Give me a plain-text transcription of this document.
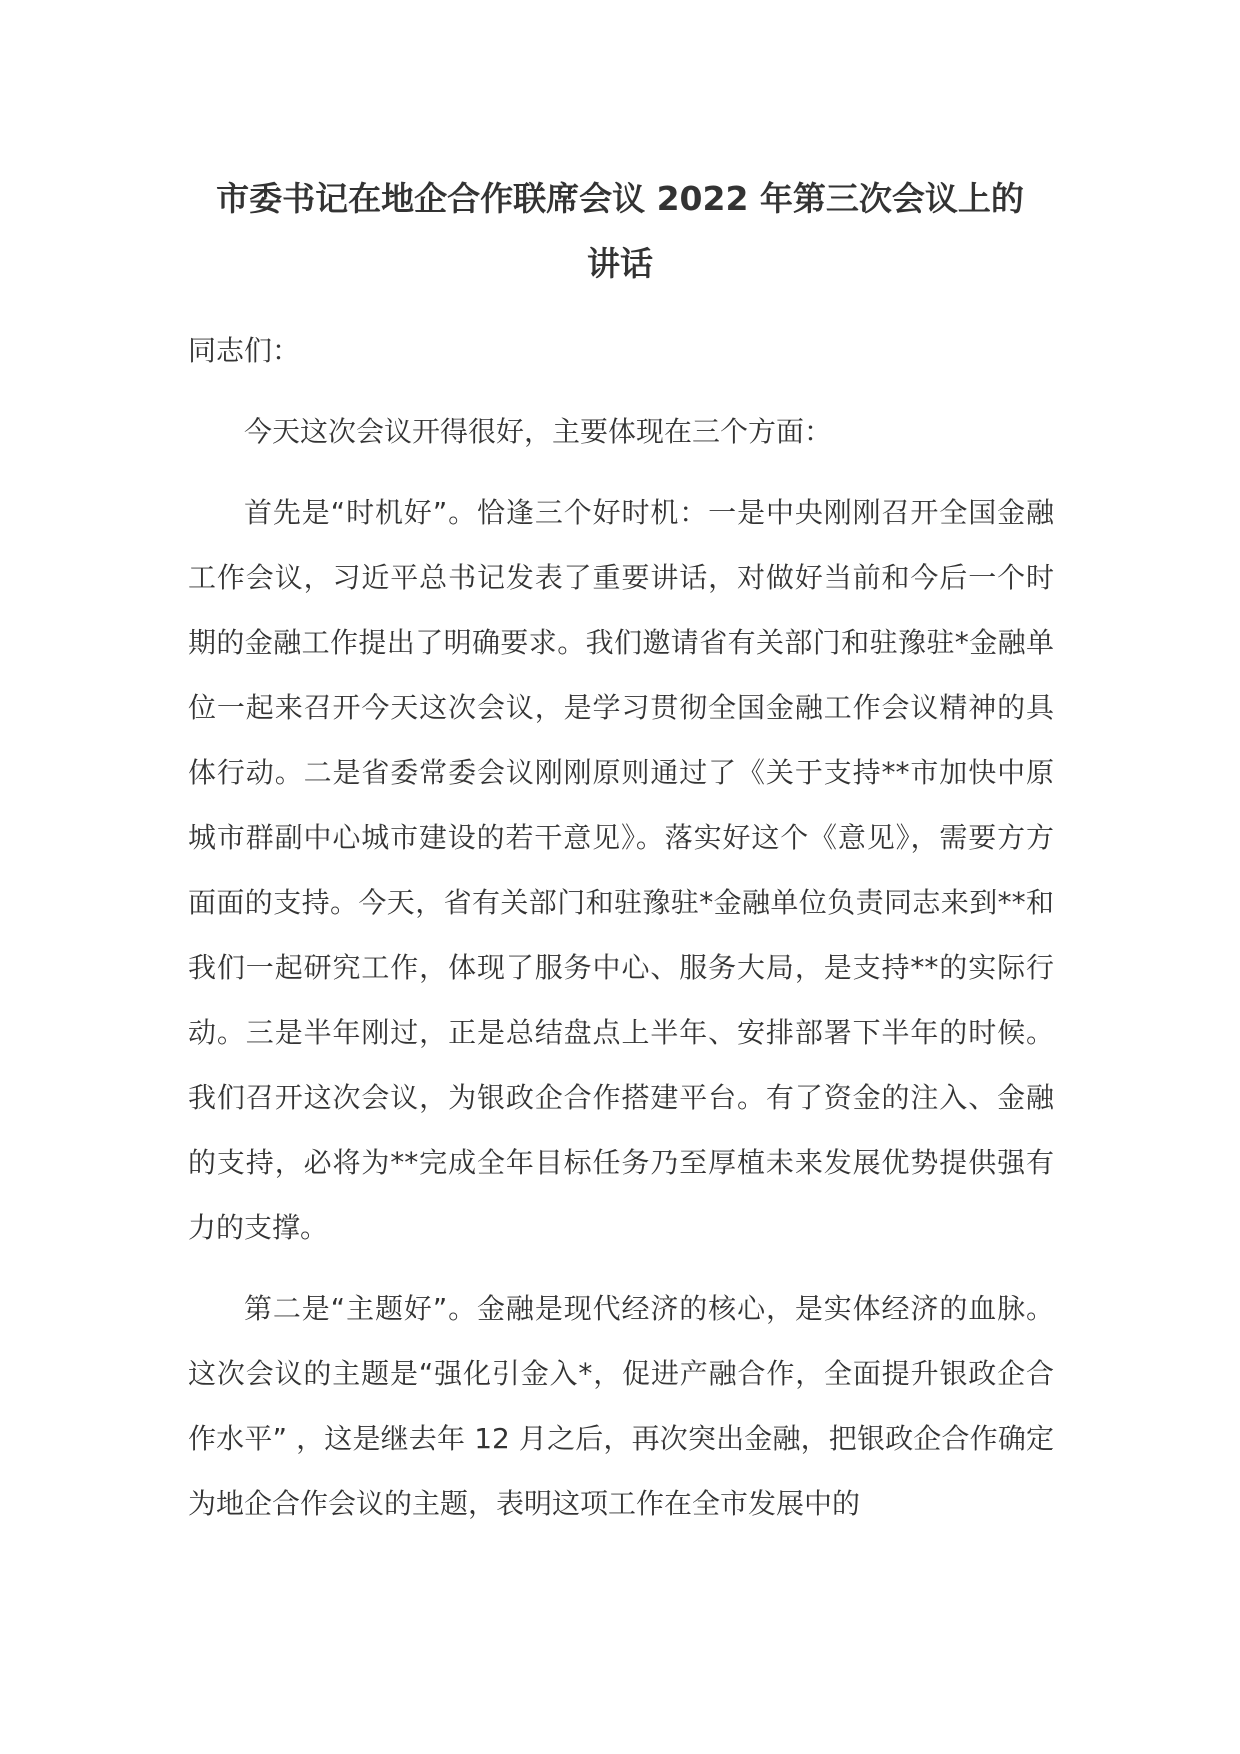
市委书记在地企合作联席会议 2022 年第三次会议上的讲话

同志们：

今天这次会议开得很好，主要体现在三个方面：

首先是“时机好”。恰逢三个好时机：一是中央刚刚召开全国金融工作会议，习近平总书记发表了重要讲话，对做好当前和今后一个时期的金融工作提出了明确要求。我们邀请省有关部门和驻豫驻*金融单位一起来召开今天这次会议，是学习贯彻全国金融工作会议精神的具体行动。二是省委常委会议刚刚原则通过了《关于支持**市加快中原城市群副中心城市建设的若干意见》。落实好这个《意见》，需要方方面面的支持。今天，省有关部门和驻豫驻*金融单位负责同志来到**和我们一起研究工作，体现了服务中心、服务大局，是支持**的实际行动。三是半年刚过，正是总结盘点上半年、安排部署下半年的时候。我们召开这次会议，为银政企合作搭建平台。有了资金的注入、金融的支持，必将为**完成全年目标任务乃至厚植未来发展优势提供强有力的支撑。

第二是“主题好”。金融是现代经济的核心，是实体经济的血脉。这次会议的主题是“强化引金入*，促进产融合作，全面提升银政企合作水平” ，这是继去年 12 月之后，再次突出金融，把银政企合作确定为地企合作会议的主题，表明这项工作在全市发展中的
